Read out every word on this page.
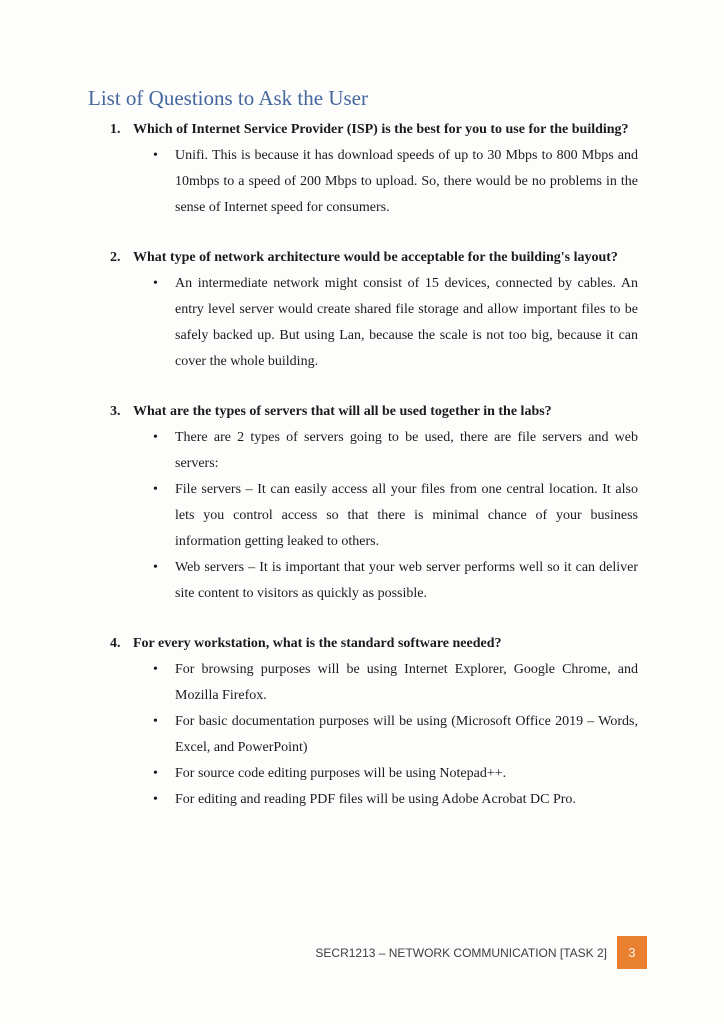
List of Questions to Ask the User
1. Which of Internet Service Provider (ISP) is the best for you to use for the building?
• Unifi. This is because it has download speeds of up to 30 Mbps to 800 Mbps and 10mbps to a speed of 200 Mbps to upload. So, there would be no problems in the sense of Internet speed for consumers.
2. What type of network architecture would be acceptable for the building's layout?
• An intermediate network might consist of 15 devices, connected by cables. An entry level server would create shared file storage and allow important files to be safely backed up. But using Lan, because the scale is not too big, because it can cover the whole building.
3. What are the types of servers that will all be used together in the labs?
• There are 2 types of servers going to be used, there are file servers and web servers:
• File servers – It can easily access all your files from one central location. It also lets you control access so that there is minimal chance of your business information getting leaked to others.
• Web servers – It is important that your web server performs well so it can deliver site content to visitors as quickly as possible.
4. For every workstation, what is the standard software needed?
• For browsing purposes will be using Internet Explorer, Google Chrome, and Mozilla Firefox.
• For basic documentation purposes will be using (Microsoft Office 2019 – Words, Excel, and PowerPoint)
• For source code editing purposes will be using Notepad++.
• For editing and reading PDF files will be using Adobe Acrobat DC Pro.
SECR1213 – NETWORK COMMUNICATION [TASK 2]	3
